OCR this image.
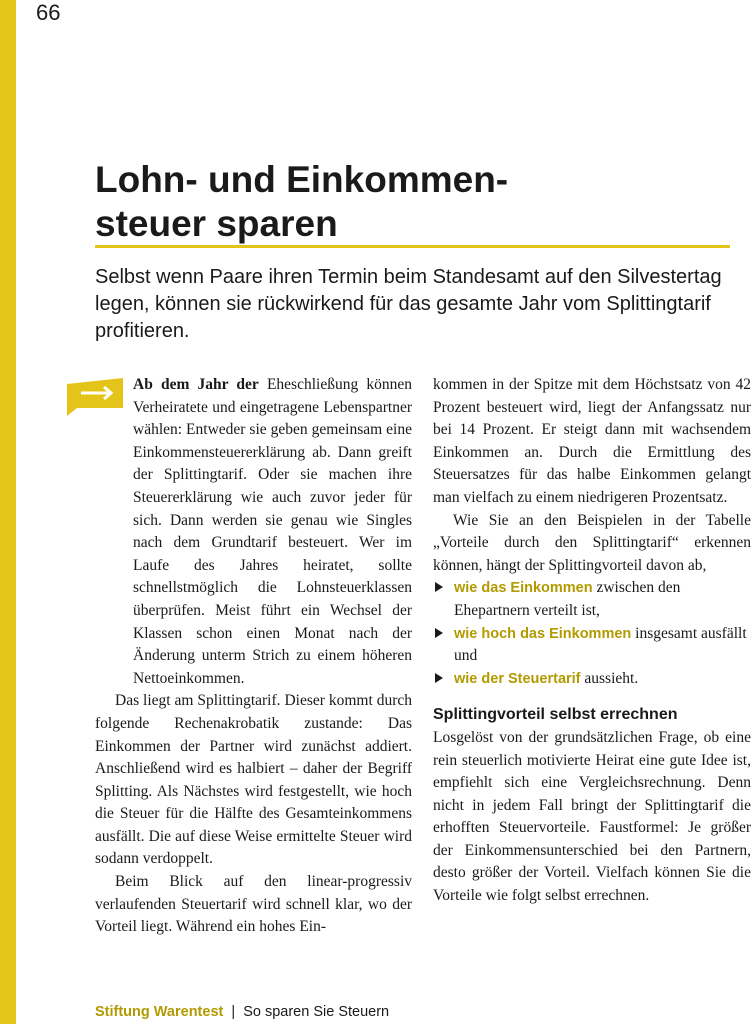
66
Lohn- und Einkommen-
steuer sparen
Selbst wenn Paare ihren Termin beim Standesamt auf den Silvestertag legen, können sie rückwirkend für das gesamte Jahr vom Splittingtarif profitieren.

Ab dem Jahr der Eheschließung können Verheiratete und eingetragene Lebenspartner wählen: Entweder sie geben gemeinsam eine Einkommensteuererklärung ab. Dann greift der Splittingtarif. Oder sie machen ihre Steuererklärung wie auch zuvor jeder für sich. Dann werden sie genau wie Singles nach dem Grundtarif besteuert. Wer im Laufe des Jahres heiratet, sollte schnellstmöglich die Lohnsteuerklassen überprüfen. Meist führt ein Wechsel der Klassen schon einen Monat nach der Änderung unterm Strich zu einem höheren Nettoeinkommen.

Das liegt am Splittingtarif. Dieser kommt durch folgende Rechenakrobatik zustande: Das Einkommen der Partner wird zunächst addiert. Anschließend wird es halbiert – daher der Begriff Splitting. Als Nächstes wird festgestellt, wie hoch die Steuer für die Hälfte des Gesamteinkommens ausfällt. Die auf diese Weise ermittelte Steuer wird sodann verdoppelt.

Beim Blick auf den linear-progressiv verlaufenden Steuertarif wird schnell klar, wo der Vorteil liegt. Während ein hohes Ein-

kommen in der Spitze mit dem Höchstsatz von 42 Prozent besteuert wird, liegt der Anfangssatz nur bei 14 Prozent. Er steigt dann mit wachsendem Einkommen an. Durch die Ermittlung des Steuersatzes für das halbe Einkommen gelangt man vielfach zu einem niedrigeren Prozentsatz.

Wie Sie an den Beispielen in der Tabelle „Vorteile durch den Splittingtarif“ erkennen können, hängt der Splittingvorteil davon ab,

wie das Einkommen zwischen den Ehepartnern verteilt ist,

wie hoch das Einkommen insgesamt ausfällt und

wie der Steuertarif aussieht.

Splittingvorteil selbst errechnen

Losgelöst von der grundsätzlichen Frage, ob eine rein steuerlich motivierte Heirat eine gute Idee ist, empfiehlt sich eine Vergleichsrechnung. Denn nicht in jedem Fall bringt der Splittingtarif die erhofften Steuervorteile. Faustformel: Je größer der Einkommensunterschied bei den Partnern, desto größer der Vorteil. Vielfach können Sie die Vorteile wie folgt selbst errechnen.

Stiftung Warentest | So sparen Sie Steuern
